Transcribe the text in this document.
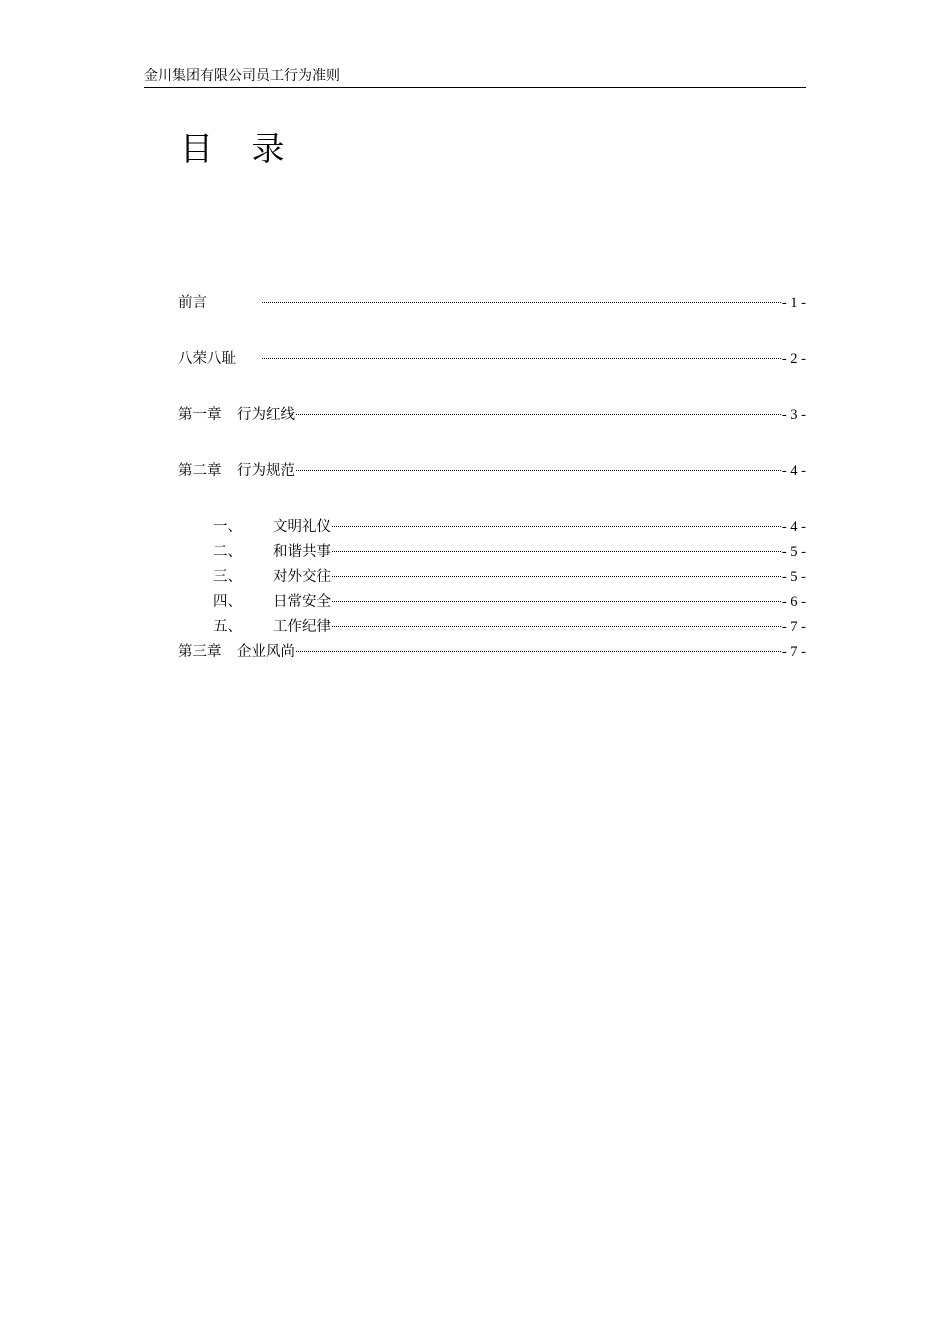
金川集团有限公司员工行为准则
目 录
前言	- 1 -
八荣八耻	- 2 -
第一章 行为红线	- 3 -
第二章 行为规范	- 4 -
一、 文明礼仪	- 4 -
二、 和谐共事	- 5 -
三、 对外交往	- 5 -
四、 日常安全	- 6 -
五、 工作纪律	- 7 -
第三章 企业风尚	- 7 -
